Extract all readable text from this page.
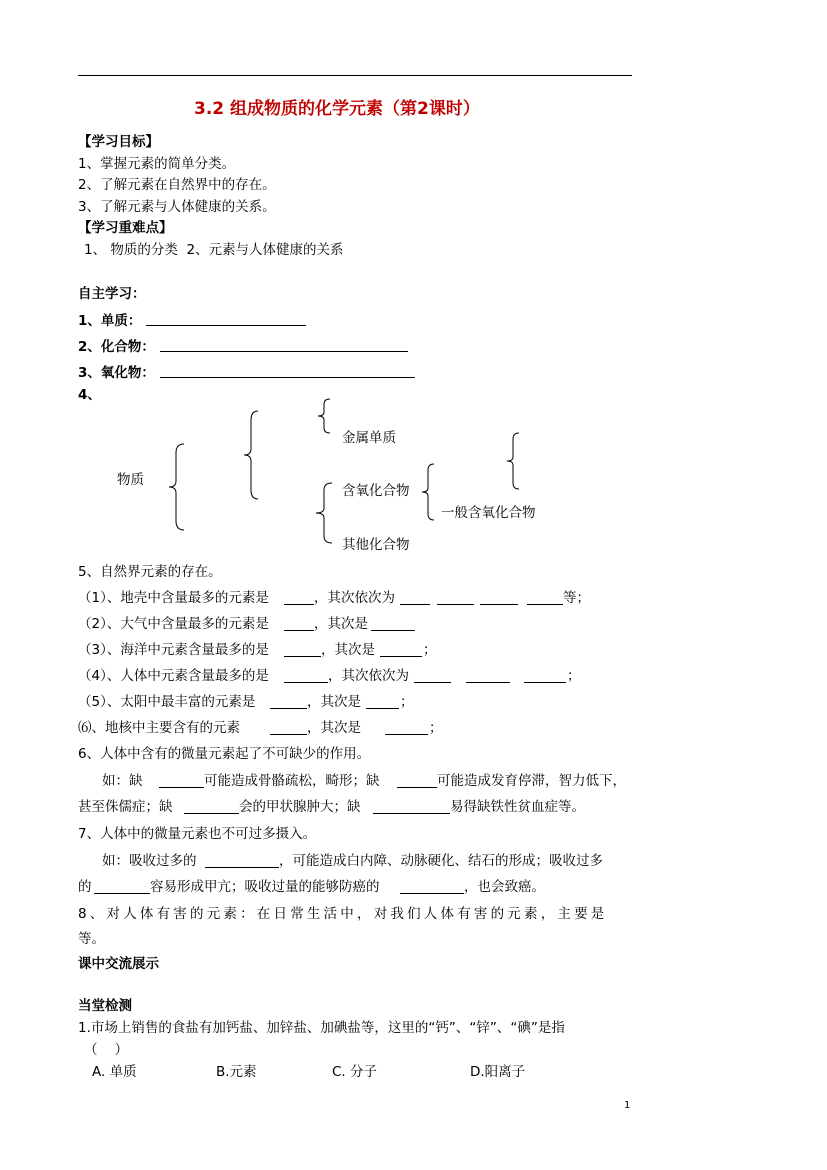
3.2 组成物质的化学元素（第2课时）
【学习目标】
1、掌握元素的简单分类。
2、了解元素在自然界中的存在。
3、了解元素与人体健康的关系。
【学习重难点】
1、 物质的分类  2、元素与人体健康的关系
自主学习：
1、单质：
2、化合物：
3、氧化物：
4、
物质
金属单质
含氧化合物
一般含氧化合物
其他化合物
5、自然界元素的存在。
（1）、地壳中含量最多的元素是	，其次依次为	等；
（2）、大气中含量最多的元素是	，其次是
（3）、海洋中元素含量最多的是	，其次是	；
（4）、人体中元素含量最多的是	，其次依次为	；
（5）、太阳中最丰富的元素是	，其次是	；
⑹、地核中主要含有的元素	，其次是	；
6、人体中含有的微量元素起了不可缺少的作用。
如：缺	可能造成骨骼疏松，畸形；缺	可能造成发育停滞，智力低下，
甚至侏儒症；缺	会的甲状腺肿大；缺	易得缺铁性贫血症等。
7、人体中的微量元素也不可过多摄入。
如：吸收过多的	，可能造成白内障、动脉硬化、结石的形成；吸收过多
的	容易形成甲亢；吸收过量的能够防癌的	，也会致癌。
8、对人体有害的元素：在日常生活中，对我们人体有害的元素，主要是
等。
课中交流展示
当堂检测
1.市场上销售的食盐有加钙盐、加锌盐、加碘盐等，这里的“钙”、“锌”、“碘”是指
（    ）
A. 单质	B.元素	C. 分子	D.阳离子
1
